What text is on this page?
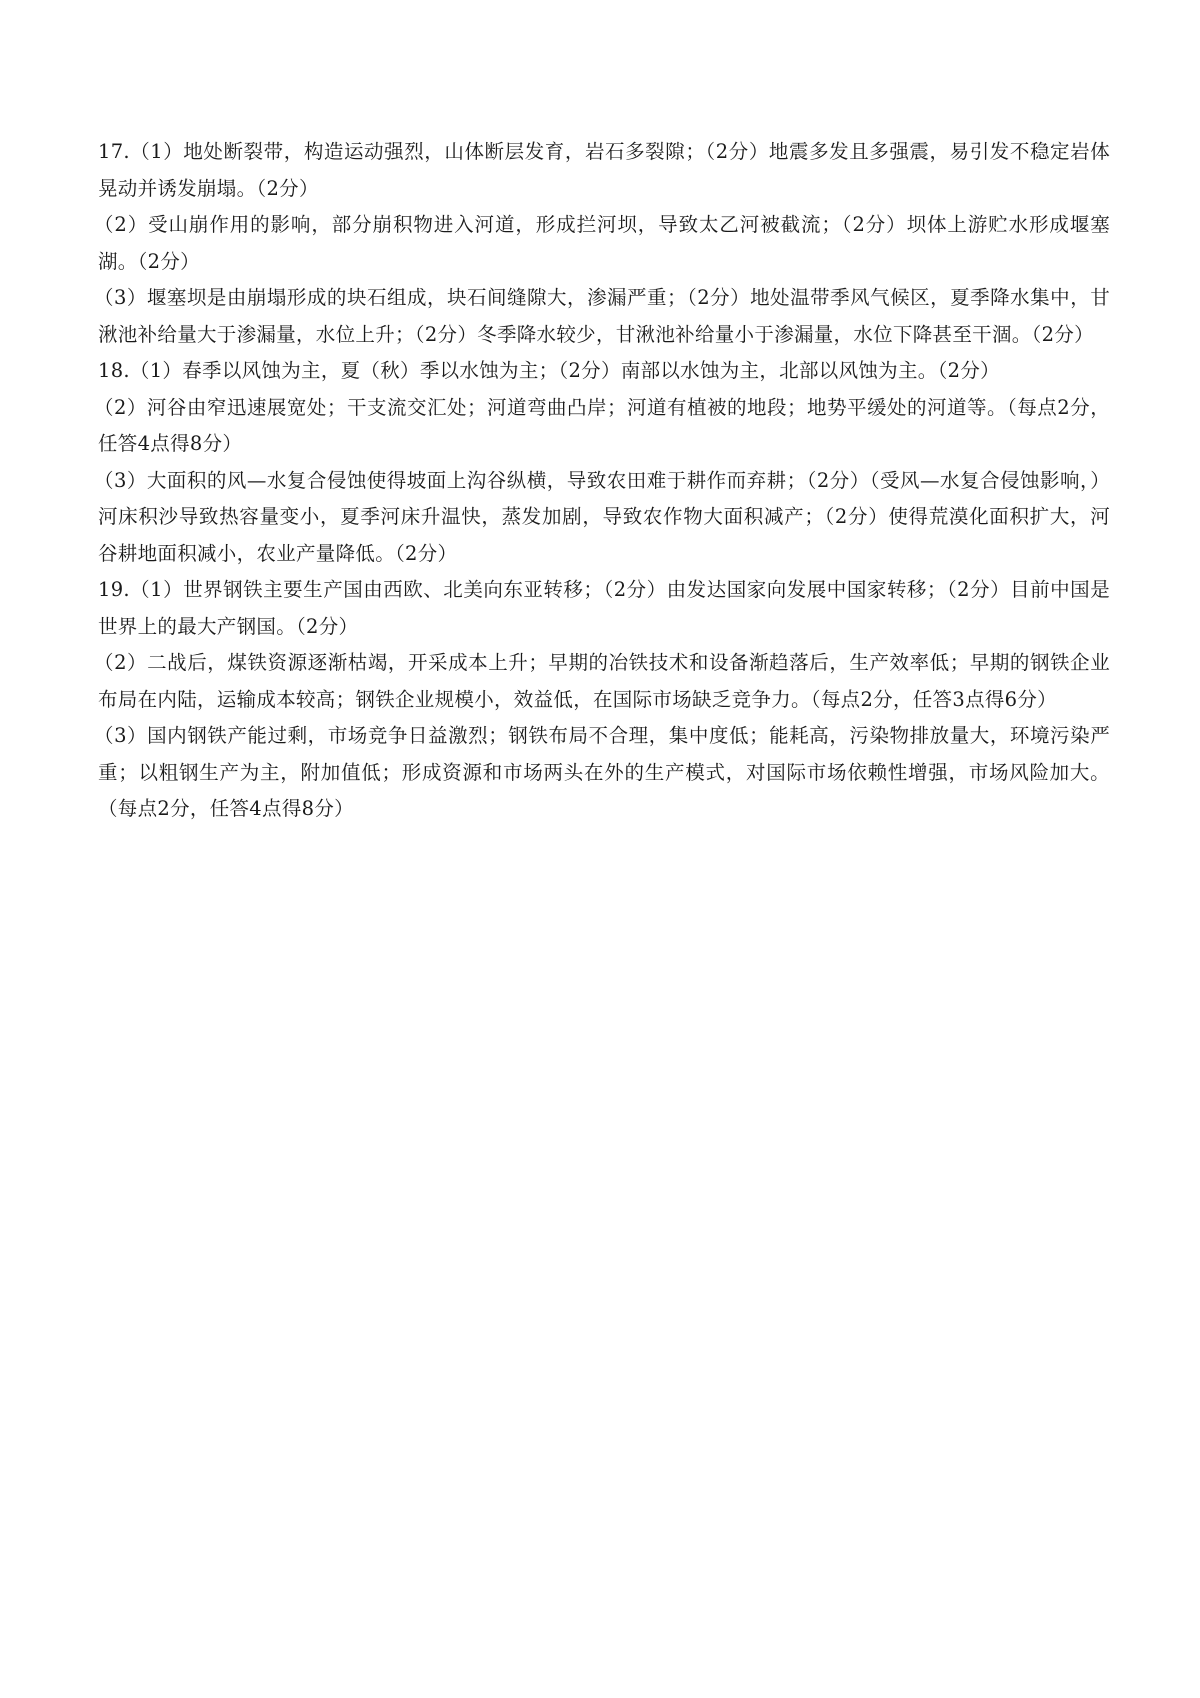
17.（1）地处断裂带，构造运动强烈，山体断层发育，岩石多裂隙；（2分）地震多发且多强震，易引发不稳定岩体晃动并诱发崩塌。（2分）

（2）受山崩作用的影响，部分崩积物进入河道，形成拦河坝，导致太乙河被截流；（2分）坝体上游贮水形成堰塞湖。（2分）

（3）堰塞坝是由崩塌形成的块石组成，块石间缝隙大，渗漏严重；（2分）地处温带季风气候区，夏季降水集中，甘湫池补给量大于渗漏量，水位上升；（2分）冬季降水较少，甘湫池补给量小于渗漏量，水位下降甚至干涸。（2分）

18.（1）春季以风蚀为主，夏（秋）季以水蚀为主；（2分）南部以水蚀为主，北部以风蚀为主。（2分）

（2）河谷由窄迅速展宽处；干支流交汇处；河道弯曲凸岸；河道有植被的地段；地势平缓处的河道等。（每点2分，任答4点得8分）

（3）大面积的风—水复合侵蚀使得坡面上沟谷纵横，导致农田难于耕作而弃耕；（2分）（受风—水复合侵蚀影响，）河床积沙导致热容量变小，夏季河床升温快，蒸发加剧，导致农作物大面积减产；（2分）使得荒漠化面积扩大，河谷耕地面积减小，农业产量降低。（2分）

19.（1）世界钢铁主要生产国由西欧、北美向东亚转移；（2分）由发达国家向发展中国家转移；（2分）目前中国是世界上的最大产钢国。（2分）

（2）二战后，煤铁资源逐渐枯竭，开采成本上升；早期的冶铁技术和设备渐趋落后，生产效率低；早期的钢铁企业布局在内陆，运输成本较高；钢铁企业规模小，效益低，在国际市场缺乏竞争力。（每点2分，任答3点得6分）

（3）国内钢铁产能过剩，市场竞争日益激烈；钢铁布局不合理，集中度低；能耗高，污染物排放量大，环境污染严重；以粗钢生产为主，附加值低；形成资源和市场两头在外的生产模式，对国际市场依赖性增强，市场风险加大。（每点2分，任答4点得8分）
